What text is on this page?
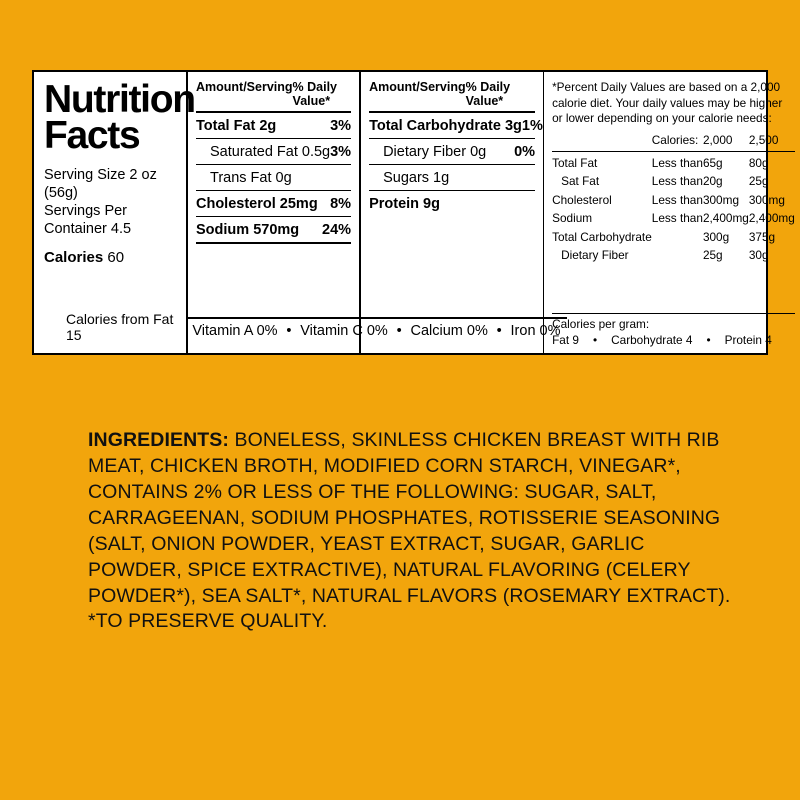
Nutrition
Facts
Serving Size 2 oz (56g)
Servings Per
Container 4.5
Calories 60
Calories from Fat 15
Amount/Serving % Daily Value*
Total Fat 2g	3%
Saturated Fat 0.5g 3%
Trans Fat 0g
Cholesterol 25mg 8%
Sodium 570mg 24%
Amount/Serving % Daily Value*
Total Carbohydrate 3g 1%
Dietary Fiber 0g 0%
Sugars 1g
Protein 9g
*Percent Daily Values are based on a 2,000 calorie diet. Your daily values may be higher or lower depending on your calorie needs:
	Calories:	2,000	2,500

Total Fat	Less than	65g	80g
Sat Fat	Less than	20g	25g
Cholesterol	Less than	300mg	300mg
Sodium	Less than	2,400mg	2,400mg
Total Carbohydrate		300g	375g
Dietary Fiber		25g	30g
Calories per gram:
Fat 9 • Carbohydrate 4 • Protein 4
Vitamin A 0% • Vitamin C 0% • Calcium 0% • Iron 0%
INGREDIENTS: BONELESS, SKINLESS CHICKEN BREAST WITH RIB MEAT, CHICKEN BROTH, MODIFIED CORN STARCH, VINEGAR*, CONTAINS 2% OR LESS OF THE FOLLOWING: SUGAR, SALT, CARRAGEENAN, SODIUM PHOSPHATES, ROTISSERIE SEASONING (SALT, ONION POWDER, YEAST EXTRACT, SUGAR, GARLIC POWDER, SPICE EXTRACTIVE), NATURAL FLAVORING (CELERY POWDER*), SEA SALT*, NATURAL FLAVORS (ROSEMARY EXTRACT). *TO PRESERVE QUALITY.
